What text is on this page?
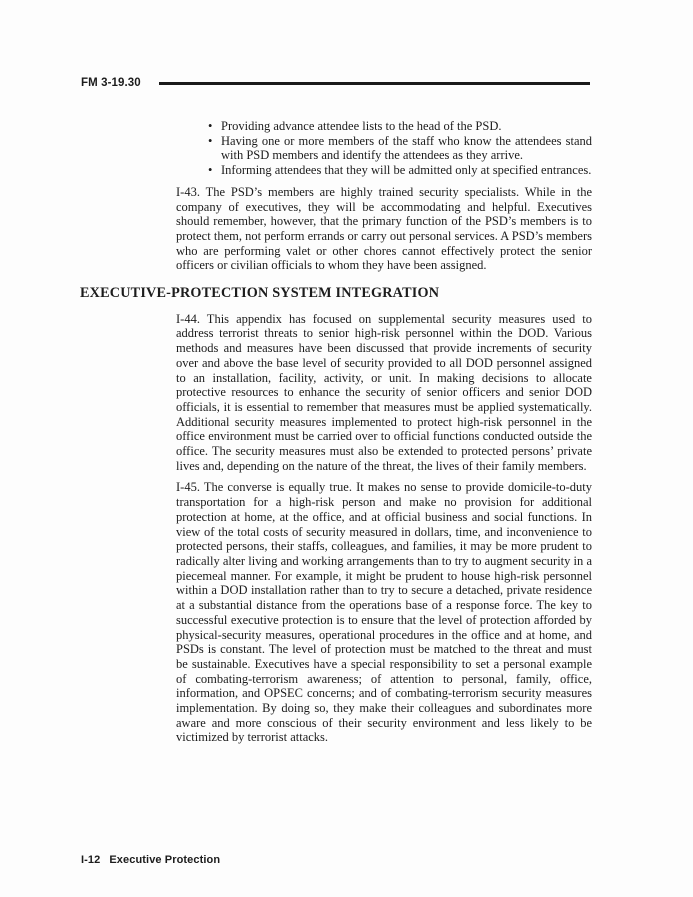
FM 3-19.30
• Providing advance attendee lists to the head of the PSD.
• Having one or more members of the staff who know the attendees stand with PSD members and identify the attendees as they arrive.
• Informing attendees that they will be admitted only at specified entrances.

I-43. The PSD’s members are highly trained security specialists. While in the company of executives, they will be accommodating and helpful. Executives should remember, however, that the primary function of the PSD’s members is to protect them, not perform errands or carry out personal services. A PSD’s members who are performing valet or other chores cannot effectively protect the senior officers or civilian officials to whom they have been assigned.

EXECUTIVE-PROTECTION SYSTEM INTEGRATION

I-44. This appendix has focused on supplemental security measures used to address terrorist threats to senior high-risk personnel within the DOD. Various methods and measures have been discussed that provide increments of security over and above the base level of security provided to all DOD personnel assigned to an installation, facility, activity, or unit. In making decisions to allocate protective resources to enhance the security of senior officers and senior DOD officials, it is essential to remember that measures must be applied systematically. Additional security measures implemented to protect high-risk personnel in the office environment must be carried over to official functions conducted outside the office. The security measures must also be extended to protected persons’ private lives and, depending on the nature of the threat, the lives of their family members.

I-45. The converse is equally true. It makes no sense to provide domicile-to-duty transportation for a high-risk person and make no provision for additional protection at home, at the office, and at official business and social functions. In view of the total costs of security measured in dollars, time, and inconvenience to protected persons, their staffs, colleagues, and families, it may be more prudent to radically alter living and working arrangements than to try to augment security in a piecemeal manner. For example, it might be prudent to house high-risk personnel within a DOD installation rather than to try to secure a detached, private residence at a substantial distance from the operations base of a response force. The key to successful executive protection is to ensure that the level of protection afforded by physical-security measures, operational procedures in the office and at home, and PSDs is constant. The level of protection must be matched to the threat and must be sustainable. Executives have a special responsibility to set a personal example of combating-terrorism awareness; of attention to personal, family, office, information, and OPSEC concerns; and of combating-terrorism security measures implementation. By doing so, they make their colleagues and subordinates more aware and more conscious of their security environment and less likely to be victimized by terrorist attacks.

I-12 Executive Protection
